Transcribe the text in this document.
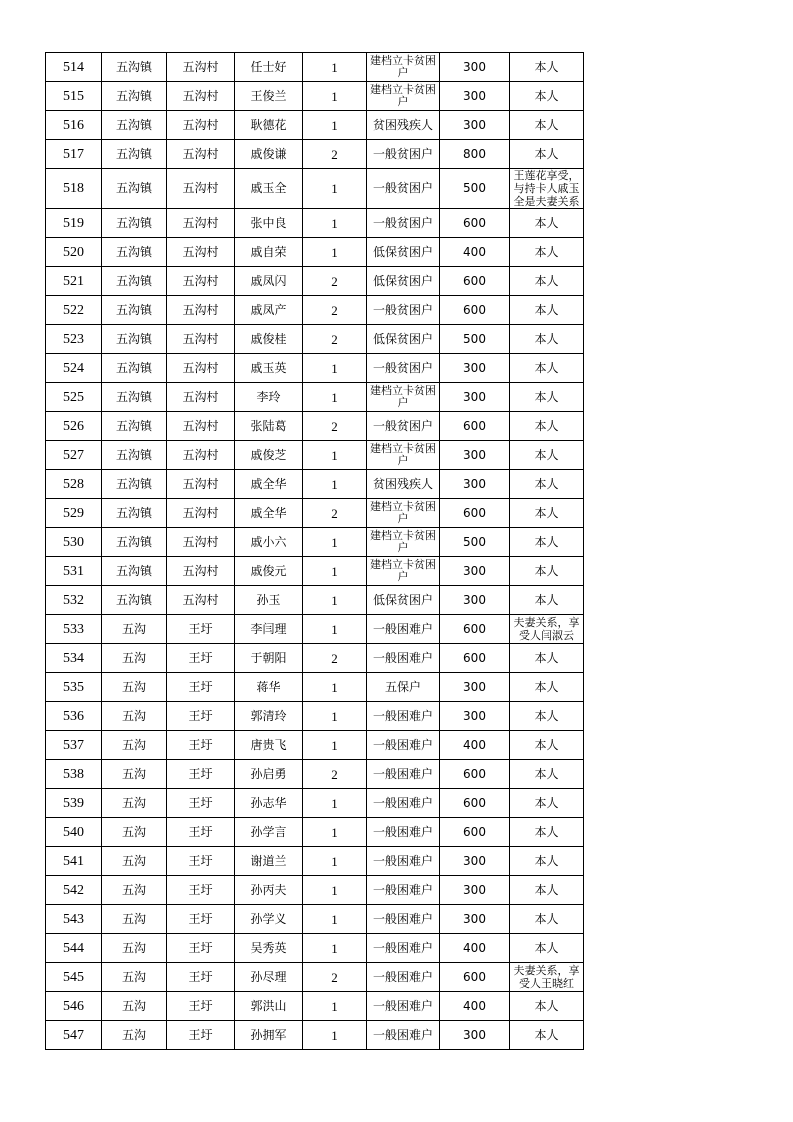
514	五沟镇	五沟村	任士好	1	建档立卡贫困户	300	本人
515	五沟镇	五沟村	王俊兰	1	建档立卡贫困户	300	本人
516	五沟镇	五沟村	耿德花	1	贫困残疾人	300	本人
517	五沟镇	五沟村	戚俊谦	2	一般贫困户	800	本人
518	五沟镇	五沟村	戚玉全	1	一般贫困户	500	王莲花享受，与持卡人戚玉全是夫妻关系
519	五沟镇	五沟村	张中良	1	一般贫困户	600	本人
520	五沟镇	五沟村	戚自荣	1	低保贫困户	400	本人
521	五沟镇	五沟村	戚凤闪	2	低保贫困户	600	本人
522	五沟镇	五沟村	戚凤产	2	一般贫困户	600	本人
523	五沟镇	五沟村	戚俊桂	2	低保贫困户	500	本人
524	五沟镇	五沟村	戚玉英	1	一般贫困户	300	本人
525	五沟镇	五沟村	李玲	1	建档立卡贫困户	300	本人
526	五沟镇	五沟村	张陆葛	2	一般贫困户	600	本人
527	五沟镇	五沟村	戚俊芝	1	建档立卡贫困户	300	本人
528	五沟镇	五沟村	戚全华	1	贫困残疾人	300	本人
529	五沟镇	五沟村	戚全华	2	建档立卡贫困户	600	本人
530	五沟镇	五沟村	戚小六	1	建档立卡贫困户	500	本人
531	五沟镇	五沟村	戚俊元	1	建档立卡贫困户	300	本人
532	五沟镇	五沟村	孙玉	1	低保贫困户	300	本人
533	五沟	王圩	李闫理	1	一般困难户	600	夫妻关系，享受人闫淑云
534	五沟	王圩	于朝阳	2	一般困难户	600	本人
535	五沟	王圩	蒋华	1	五保户	300	本人
536	五沟	王圩	郭清玲	1	一般困难户	300	本人
537	五沟	王圩	唐贵飞	1	一般困难户	400	本人
538	五沟	王圩	孙启勇	2	一般困难户	600	本人
539	五沟	王圩	孙志华	1	一般困难户	600	本人
540	五沟	王圩	孙学言	1	一般困难户	600	本人
541	五沟	王圩	谢道兰	1	一般困难户	300	本人
542	五沟	王圩	孙丙夫	1	一般困难户	300	本人
543	五沟	王圩	孙学义	1	一般困难户	300	本人
544	五沟	王圩	吴秀英	1	一般困难户	400	本人
545	五沟	王圩	孙尽理	2	一般困难户	600	夫妻关系，享受人王晓红
546	五沟	王圩	郭洪山	1	一般困难户	400	本人
547	五沟	王圩	孙拥军	1	一般困难户	300	本人
